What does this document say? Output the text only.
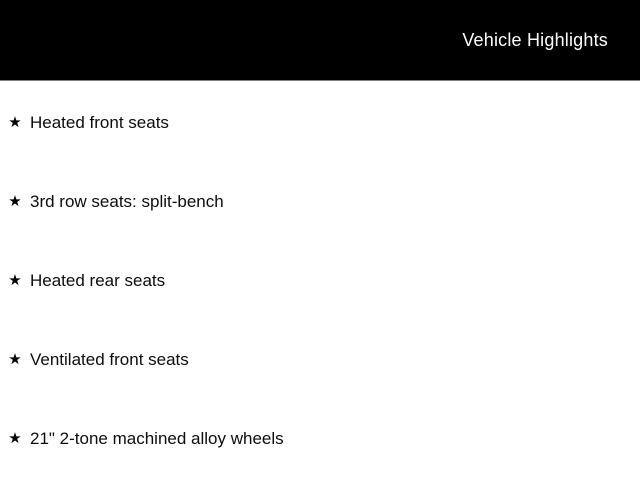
Vehicle Highlights
★ Heated front seats
★ 3rd row seats: split-bench
★ Heated rear seats
★ Ventilated front seats
★ 21" 2-tone machined alloy wheels
